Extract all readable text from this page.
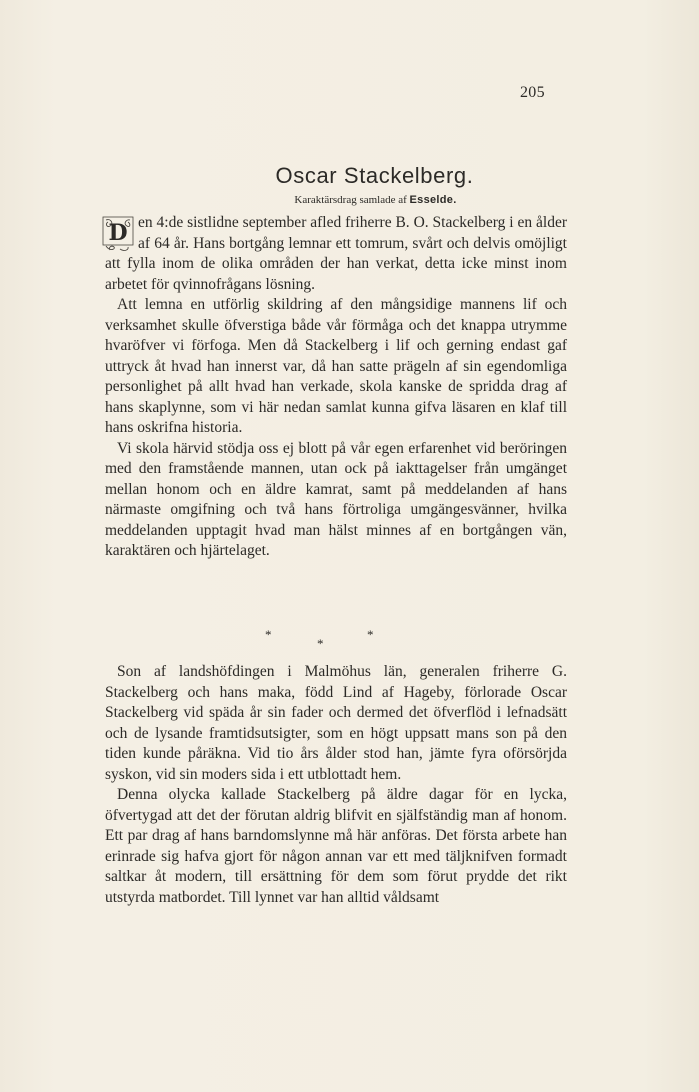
205
Oscar Stackelberg.
Karaktärsdrag samlade af Esselde.

D en 4:de sistlidne september afled friherre B. O. Stackelberg i en ålder af 64 år. Hans bortgång lemnar ett tomrum, svårt och delvis omöjligt att fylla inom de olika områden der han verkat, detta icke minst inom arbetet för qvinnofrågans lösning.

Att lemna en utförlig skildring af den mångsidige mannens lif och verksamhet skulle öfverstiga både vår förmåga och det knappa utrymme hvaröfver vi förfoga. Men då Stackelberg i lif och gerning endast gaf uttryck åt hvad han innerst var, då han satte prägeln af sin egendomliga personlighet på allt hvad han verkade, skola kanske de spridda drag af hans skaplynne, som vi här nedan samlat kunna gifva läsaren en klaf till hans oskrifna historia.

Vi skola härvid stödja oss ej blott på vår egen erfarenhet vid beröringen med den framstående mannen, utan ock på iakttagelser från umgänget mellan honom och en äldre kamrat, samt på meddelanden af hans närmaste omgifning och två hans förtroliga umgängesvänner, hvilka meddelanden upptagit hvad man hälst minnes af en bortgången vän, karaktären och hjärtelaget.

*	*
*

Son af landshöfdingen i Malmöhus län, generalen friherre G. Stackelberg och hans maka, född Lind af Hageby, förlorade Oscar Stackelberg vid späda år sin fader och dermed det öfverflöd i lefnadsätt och de lysande framtidsutsigter, som en högt uppsatt mans son på den tiden kunde påräkna. Vid tio års ålder stod han, jämte fyra oförsörjda syskon, vid sin moders sida i ett utblottadt hem.

Denna olycka kallade Stackelberg på äldre dagar för en lycka, öfvertygad att det der förutan aldrig blifvit en själfständig man af honom. Ett par drag af hans barndomslynne må här anföras. Det första arbete han erinrade sig hafva gjort för någon annan var ett med täljknifven formadt saltkar åt modern, till ersättning för dem som förut prydde det rikt utstyrda matbordet. Till lynnet var han alltid våldsamt
